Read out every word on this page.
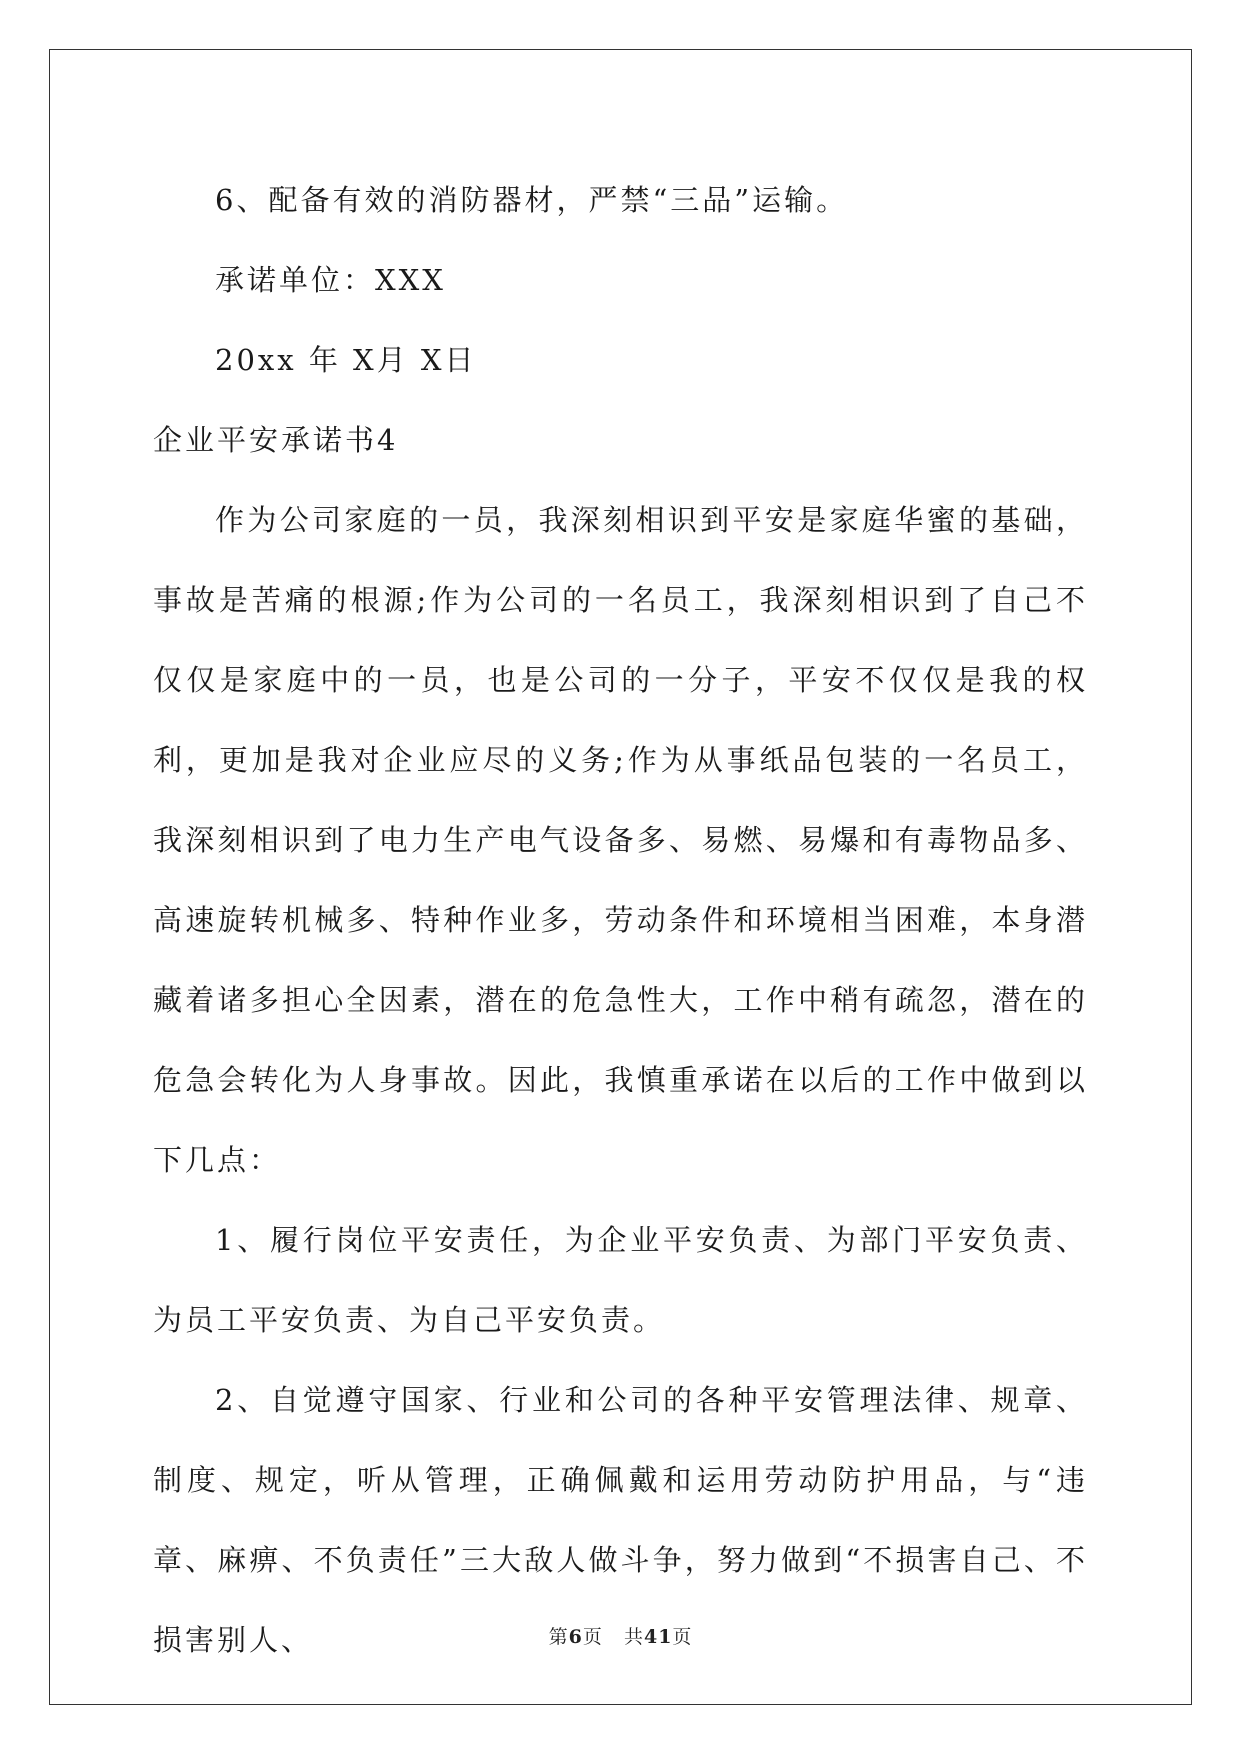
6、配备有效的消防器材，严禁“三品”运输。

承诺单位：XXX

20xx 年 X月 X日

企业平安承诺书4

作为公司家庭的一员，我深刻相识到平安是家庭华蜜的基础，事故是苦痛的根源;作为公司的一名员工，我深刻相识到了自己不仅仅是家庭中的一员，也是公司的一分子，平安不仅仅是我的权利，更加是我对企业应尽的义务;作为从事纸品包装的一名员工，我深刻相识到了电力生产电气设备多、易燃、易爆和有毒物品多、高速旋转机械多、特种作业多，劳动条件和环境相当困难，本身潜藏着诸多担心全因素，潜在的危急性大，工作中稍有疏忽，潜在的危急会转化为人身事故。因此，我慎重承诺在以后的工作中做到以下几点：

1、履行岗位平安责任，为企业平安负责、为部门平安负责、为员工平安负责、为自己平安负责。

2、自觉遵守国家、行业和公司的各种平安管理法律、规章、制度、规定，听从管理，正确佩戴和运用劳动防护用品，与“违章、麻痹、不负责任”三大敌人做斗争，努力做到“不损害自己、不损害别人、	第6页 共41页
